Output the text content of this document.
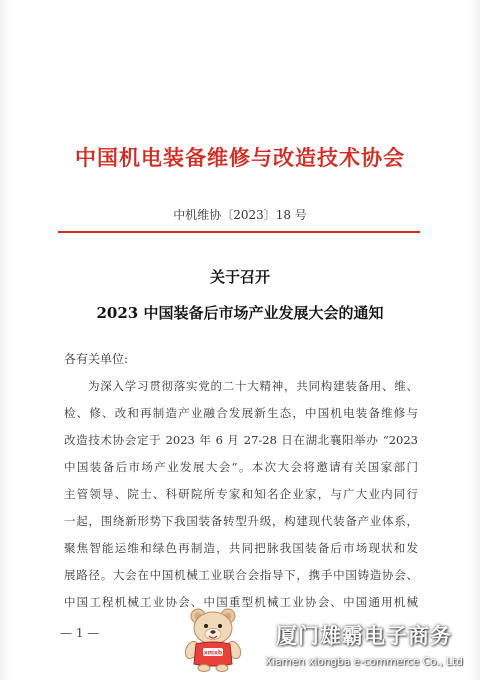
中国机电装备维修与改造技术协会
中机维协〔2023〕18 号
关于召开
2023 中国装备后市场产业发展大会的通知
各有关单位:
为深入学习贯彻落实党的二十大精神，共同构建装备用、维、
检、修、改和再制造产业融合发展新生态，中国机电装备维修与
改造技术协会定于 2023 年 6 月 27-28 日在湖北襄阳举办 “2023
中国装备后市场产业发展大会”。本次大会将邀请有关国家部门
主管领导、院士、科研院所专家和知名企业家，与广大业内同行
一起，围绕新形势下我国装备转型升级，构建现代装备产业体系，
聚焦智能运维和绿色再制造，共同把脉我国装备后市场现状和发
展路径。大会在中国机械工业联合会指导下，携手中国铸造协会、
中国工程机械工业协会、中国重型机械工业协会、中国通用机械
— 1 —
xmxb
厦门雄霸电子商务
Xiamen xiongba e-commerce Co., Ltd
